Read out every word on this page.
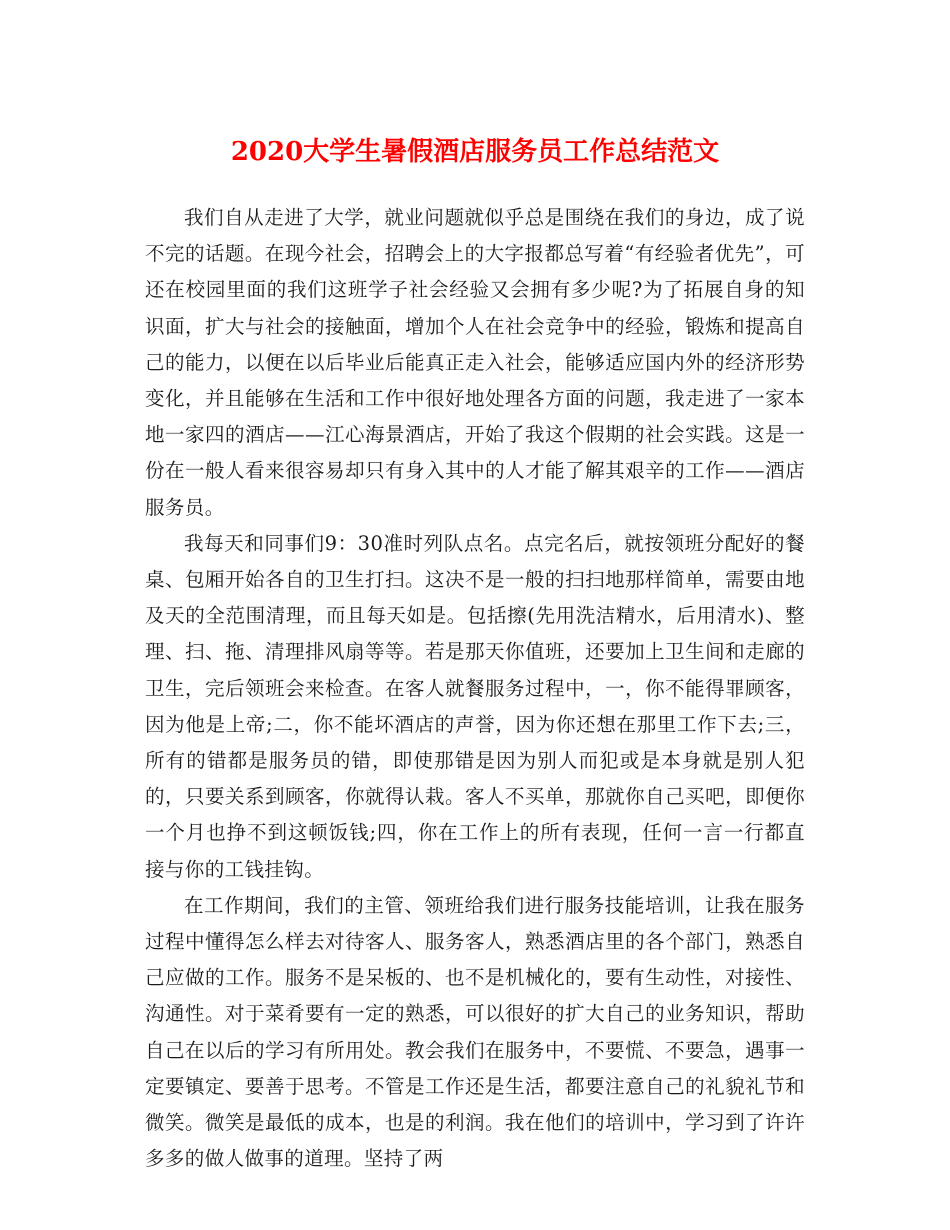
2020大学生暑假酒店服务员工作总结范文

我们自从走进了大学，就业问题就似乎总是围绕在我们的身边，成了说不完的话题。在现今社会，招聘会上的大字报都总写着“有经验者优先”，可还在校园里面的我们这班学子社会经验又会拥有多少呢?为了拓展自身的知识面，扩大与社会的接触面，增加个人在社会竞争中的经验，锻炼和提高自己的能力，以便在以后毕业后能真正走入社会，能够适应国内外的经济形势变化，并且能够在生活和工作中很好地处理各方面的问题，我走进了一家本地一家四的酒店——江心海景酒店，开始了我这个假期的社会实践。这是一份在一般人看来很容易却只有身入其中的人才能了解其艰辛的工作——酒店服务员。

我每天和同事们9：30准时列队点名。点完名后，就按领班分配好的餐桌、包厢开始各自的卫生打扫。这决不是一般的扫扫地那样简单，需要由地及天的全范围清理，而且每天如是。包括擦(先用洗洁精水，后用清水)、整理、扫、拖、清理排风扇等等。若是那天你值班，还要加上卫生间和走廊的卫生，完后领班会来检查。在客人就餐服务过程中，一，你不能得罪顾客，因为他是上帝;二，你不能坏酒店的声誉，因为你还想在那里工作下去;三，所有的错都是服务员的错，即使那错是因为别人而犯或是本身就是别人犯的，只要关系到顾客，你就得认栽。客人不买单，那就你自己买吧，即便你一个月也挣不到这顿饭钱;四，你在工作上的所有表现，任何一言一行都直接与你的工钱挂钩。

在工作期间，我们的主管、领班给我们进行服务技能培训，让我在服务过程中懂得怎么样去对待客人、服务客人，熟悉酒店里的各个部门，熟悉自己应做的工作。服务不是呆板的、也不是机械化的，要有生动性，对接性、沟通性。对于菜肴要有一定的熟悉，可以很好的扩大自己的业务知识，帮助自己在以后的学习有所用处。教会我们在服务中，不要慌、不要急，遇事一定要镇定、要善于思考。不管是工作还是生活，都要注意自己的礼貌礼节和微笑。微笑是最低的成本，也是的利润。我在他们的培训中，学习到了许许多多的做人做事的道理。坚持了两
